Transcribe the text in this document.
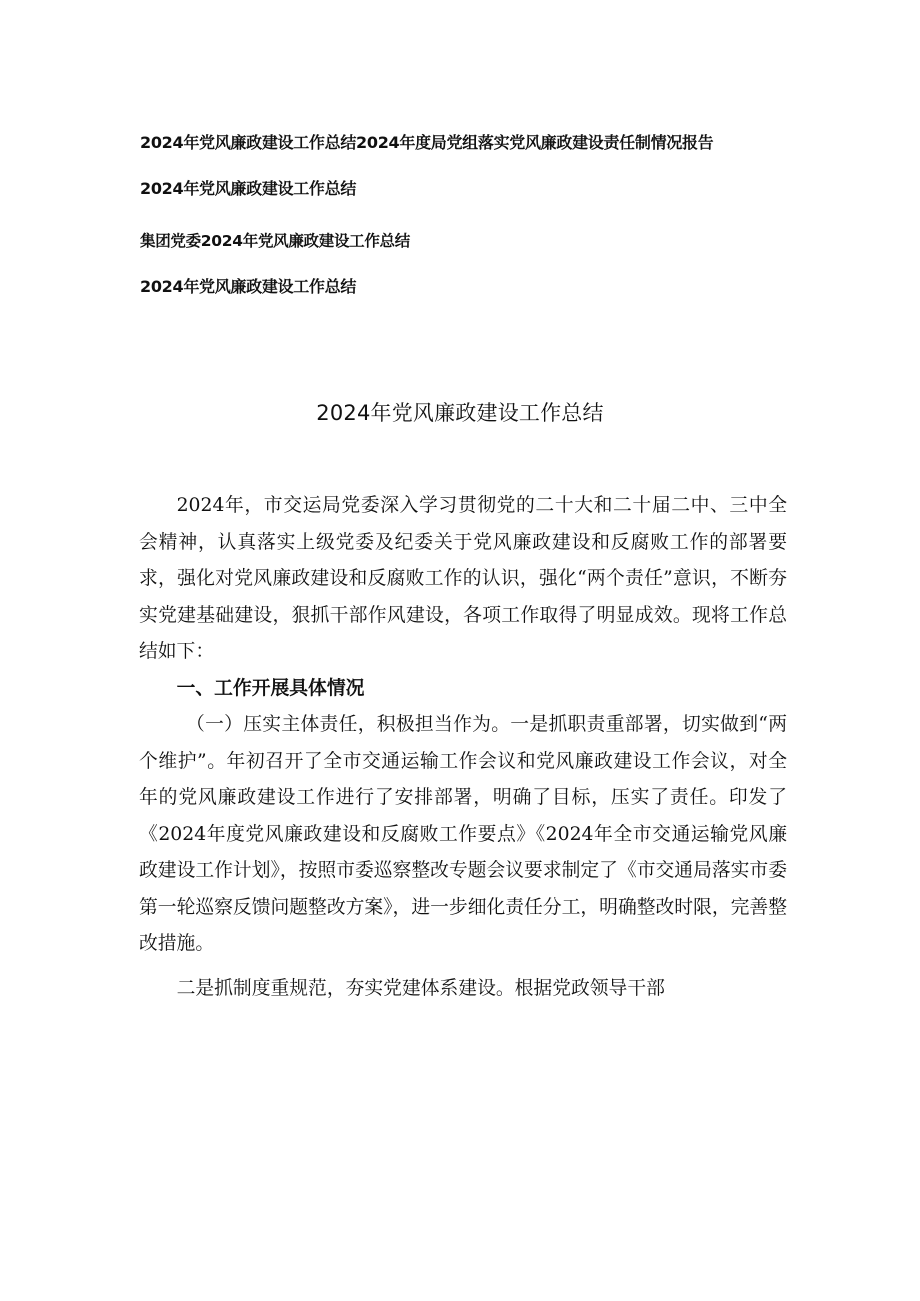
2024年党风廉政建设工作总结2024年度局党组落实党风廉政建设责任制情况报告
2024年党风廉政建设工作总结
集团党委2024年党风廉政建设工作总结
2024年党风廉政建设工作总结
2024年党风廉政建设工作总结

2024年，市交运局党委深入学习贯彻党的二十大和二十届二中、三中全会精神，认真落实上级党委及纪委关于党风廉政建设和反腐败工作的部署要求，强化对党风廉政建设和反腐败工作的认识，强化“两个责任”意识，不断夯实党建基础建设，狠抓干部作风建设，各项工作取得了明显成效。现将工作总结如下：

一、工作开展具体情况

（一）压实主体责任，积极担当作为。一是抓职责重部署，切实做到“两个维护”。年初召开了全市交通运输工作会议和党风廉政建设工作会议，对全年的党风廉政建设工作进行了安排部署，明确了目标，压实了责任。印发了《2024年度党风廉政建设和反腐败工作要点》《2024年全市交通运输党风廉政建设工作计划》，按照市委巡察整改专题会议要求制定了《市交通局落实市委第一轮巡察反馈问题整改方案》，进一步细化责任分工，明确整改时限，完善整改措施。

二是抓制度重规范，夯实党建体系建设。根据党政领导干部
